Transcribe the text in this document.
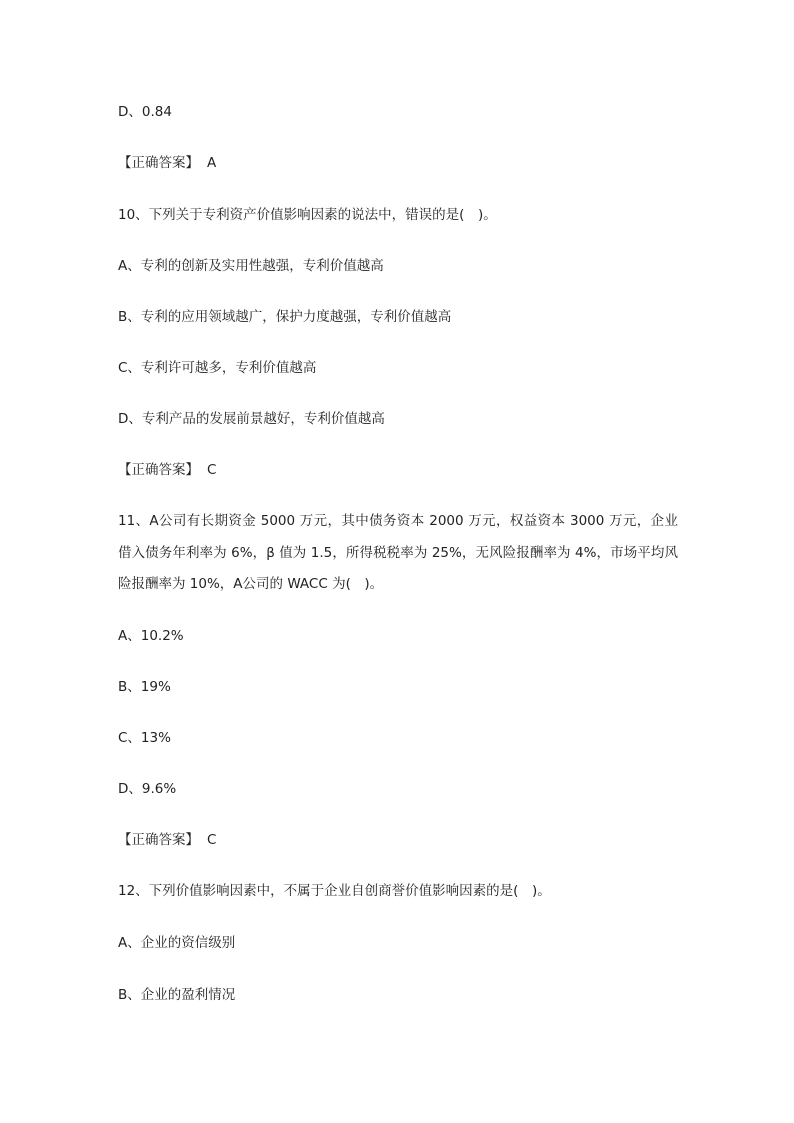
D、0.84
【正确答案】 A
10、下列关于专利资产价值影响因素的说法中，错误的是(　)。
A、专利的创新及实用性越强，专利价值越高
B、专利的应用领域越广，保护力度越强，专利价值越高
C、专利许可越多，专利价值越高
D、专利产品的发展前景越好，专利价值越高
【正确答案】 C
11、A公司有长期资金 5000 万元，其中债务资本 2000 万元，权益资本 3000 万元，企业借入债务年利率为 6%，β 值为 1.5，所得税税率为 25%，无风险报酬率为 4%，市场平均风险报酬率为 10%，A公司的 WACC 为(　)。
A、10.2%
B、19%
C、13%
D、9.6%
【正确答案】 C
12、下列价值影响因素中，不属于企业自创商誉价值影响因素的是(　)。
A、企业的资信级别
B、企业的盈利情况
